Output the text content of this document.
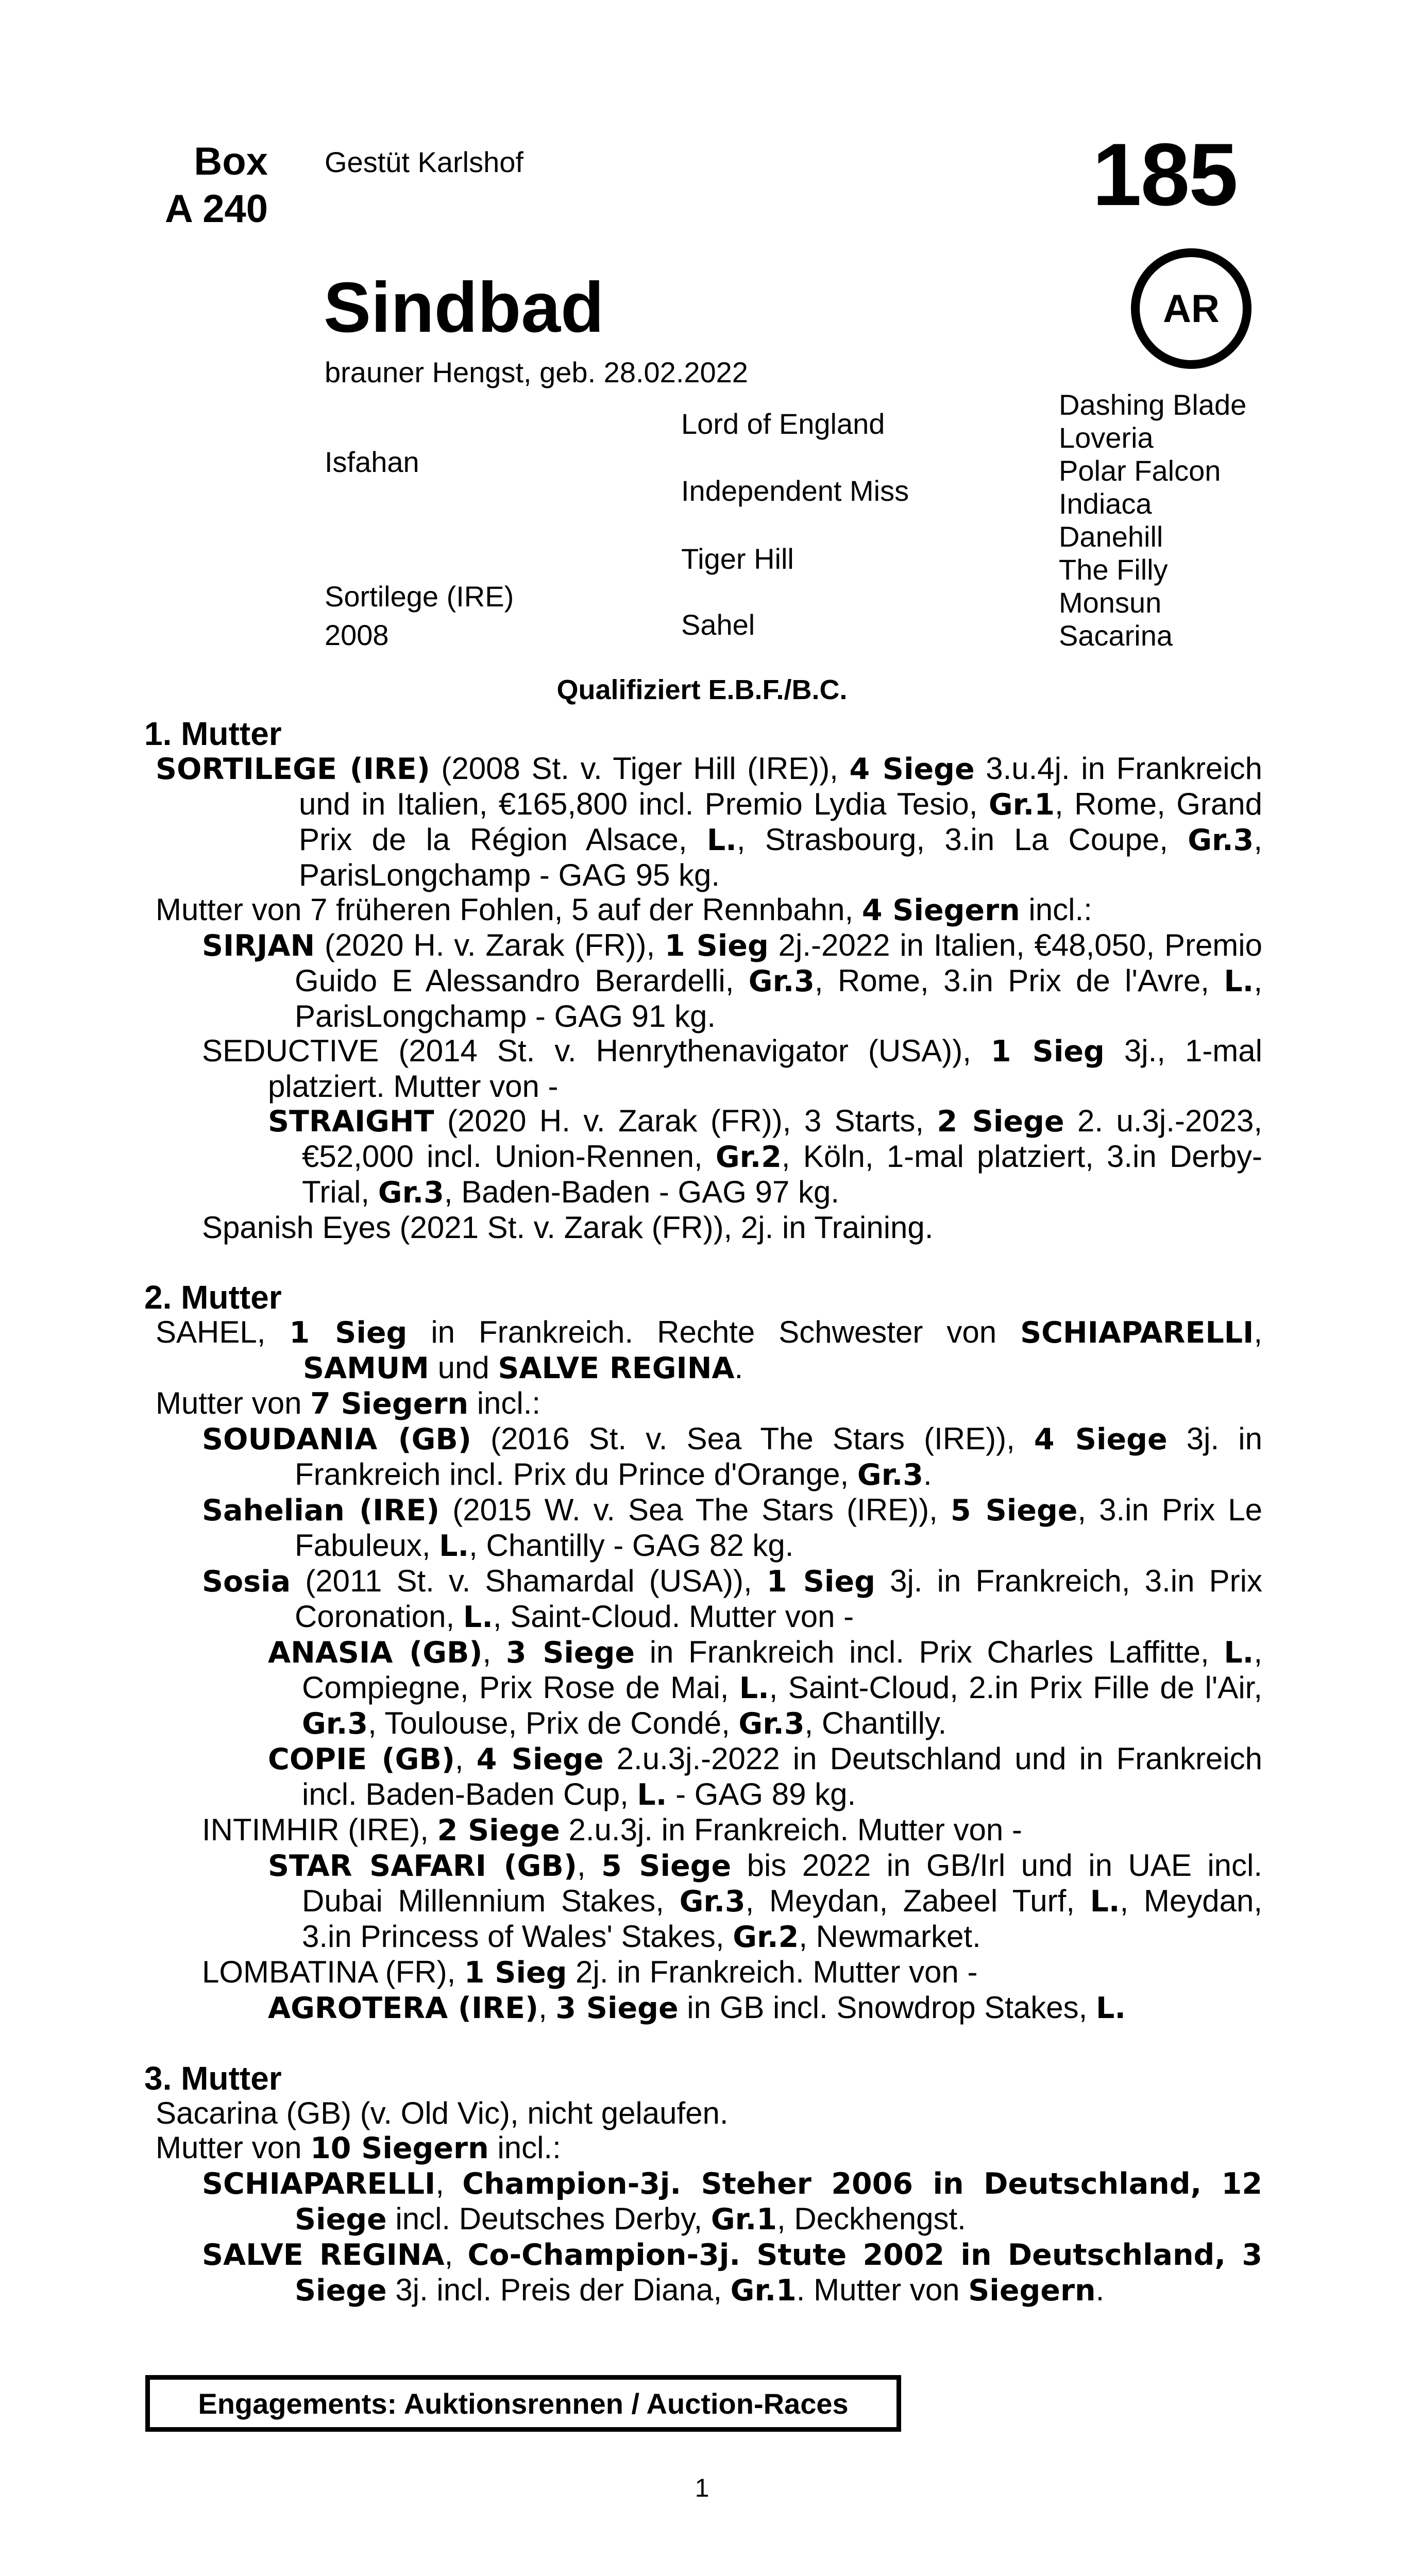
Box
A 240
Gestüt Karlshof	185
AR
Sindbad
brauner Hengst, geb. 28.02.2022
Isfahan
Sortilege (IRE)
2008
Lord of England
Independent Miss
Tiger Hill
Sahel
Dashing Blade
Loveria
Polar Falcon
Indiaca
Danehill
The Filly
Monsun
Sacarina
Qualifiziert E.B.F./B.C.
1. Mutter
SORTILEGE (IRE) (2008 St. v. Tiger Hill (IRE)), 4 Siege 3.u.4j. in Frankreich und in Italien, €165,800 incl. Premio Lydia Tesio, Gr.1, Rome, Grand Prix de la Région Alsace, L., Strasbourg, 3.in La Coupe, Gr.3, ParisLongchamp - GAG 95 kg.
Mutter von 7 früheren Fohlen, 5 auf der Rennbahn, 4 Siegern incl.:
SIRJAN (2020 H. v. Zarak (FR)), 1 Sieg 2j.-2022 in Italien, €48,050, Premio Guido E Alessandro Berardelli, Gr.3, Rome, 3.in Prix de l'Avre, L., ParisLongchamp - GAG 91 kg.
SEDUCTIVE (2014 St. v. Henrythenavigator (USA)), 1 Sieg 3j., 1-mal platziert. Mutter von -
STRAIGHT (2020 H. v. Zarak (FR)), 3 Starts, 2 Siege 2. u.3j.-2023, €52,000 incl. Union-Rennen, Gr.2, Köln, 1-mal platziert, 3.in Derby-Trial, Gr.3, Baden-Baden - GAG 97 kg.
Spanish Eyes (2021 St. v. Zarak (FR)), 2j. in Training.
2. Mutter
SAHEL, 1 Sieg in Frankreich. Rechte Schwester von SCHIAPARELLI, SAMUM und SALVE REGINA.
Mutter von 7 Siegern incl.:
SOUDANIA (GB) (2016 St. v. Sea The Stars (IRE)), 4 Siege 3j. in Frankreich incl. Prix du Prince d'Orange, Gr.3.
Sahelian (IRE) (2015 W. v. Sea The Stars (IRE)), 5 Siege, 3.in Prix Le Fabuleux, L., Chantilly - GAG 82 kg.
Sosia (2011 St. v. Shamardal (USA)), 1 Sieg 3j. in Frankreich, 3.in Prix Coronation, L., Saint-Cloud. Mutter von -
ANASIA (GB), 3 Siege in Frankreich incl. Prix Charles Laffitte, L., Compiegne, Prix Rose de Mai, L., Saint-Cloud, 2.in Prix Fille de l'Air, Gr.3, Toulouse, Prix de Condé, Gr.3, Chantilly.
COPIE (GB), 4 Siege 2.u.3j.-2022 in Deutschland und in Frankreich incl. Baden-Baden Cup, L. - GAG 89 kg.
INTIMHIR (IRE), 2 Siege 2.u.3j. in Frankreich. Mutter von -
STAR SAFARI (GB), 5 Siege bis 2022 in GB/Irl und in UAE incl. Dubai Millennium Stakes, Gr.3, Meydan, Zabeel Turf, L., Meydan, 3.in Princess of Wales' Stakes, Gr.2, Newmarket.
LOMBATINA (FR), 1 Sieg 2j. in Frankreich. Mutter von -
AGROTERA (IRE), 3 Siege in GB incl. Snowdrop Stakes, L.
3. Mutter
Sacarina (GB) (v. Old Vic), nicht gelaufen.
Mutter von 10 Siegern incl.:
SCHIAPARELLI, Champion-3j. Steher 2006 in Deutschland, 12 Siege incl. Deutsches Derby, Gr.1, Deckhengst.
SALVE REGINA, Co-Champion-3j. Stute 2002 in Deutschland, 3 Siege 3j. incl. Preis der Diana, Gr.1. Mutter von Siegern.
Engagements: Auktionsrennen / Auction-Races
1
